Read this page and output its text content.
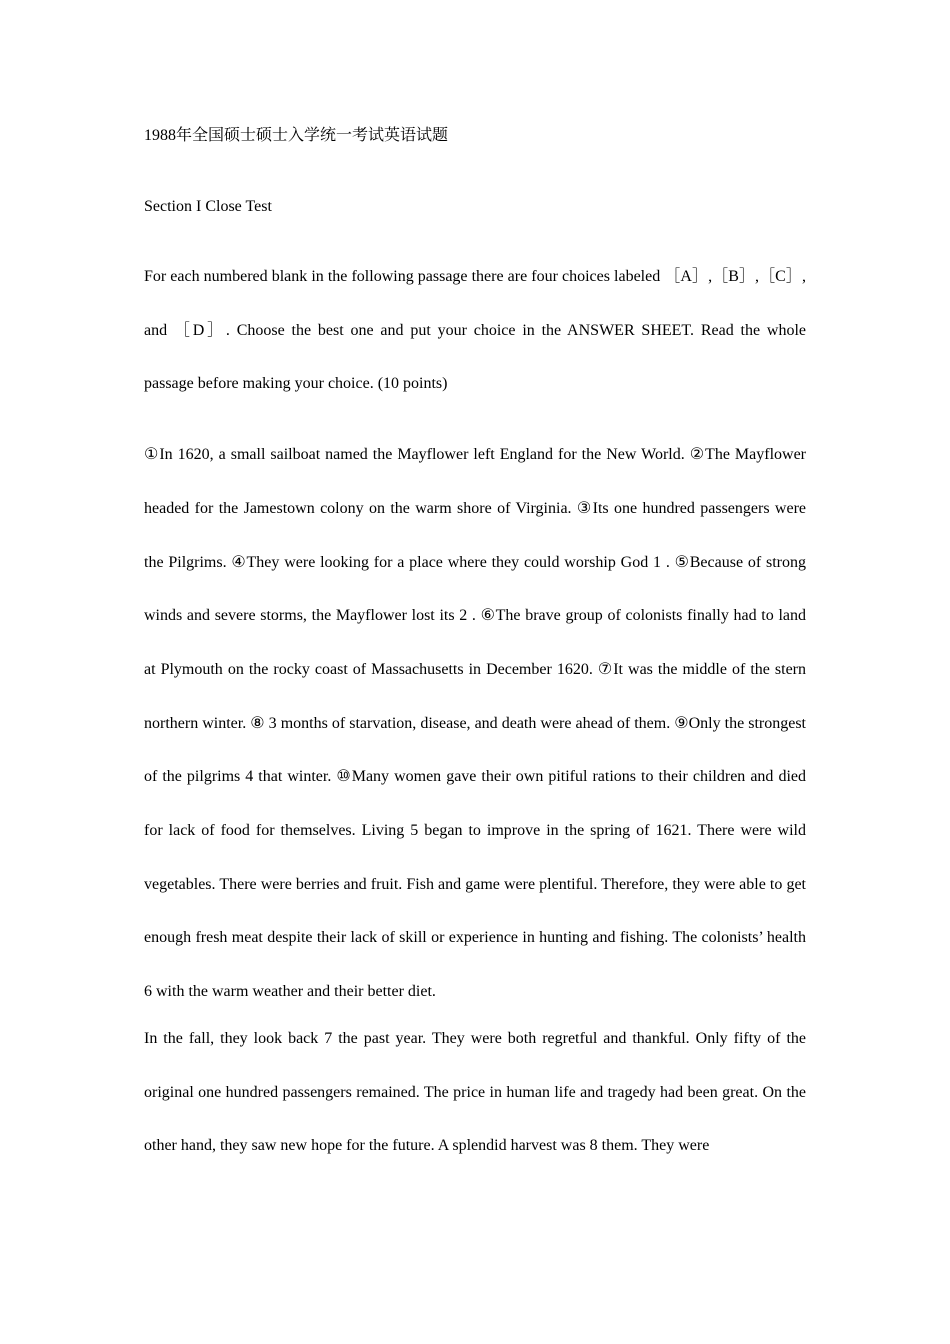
1988年全国硕士硕士入学统一考试英语试题

Section I Close Test

For each numbered blank in the following passage there are four choices labeled ［A］,［B］,［C］, and ［D］. Choose the best one and put your choice in the ANSWER SHEET. Read the whole passage before making your choice. (10 points)

①In 1620, a small sailboat named the Mayflower left England for the New World. ②The Mayflower headed for the Jamestown colony on the warm shore of Virginia. ③Its one hundred passengers were the Pilgrims. ④They were looking for a place where they could worship God 1 . ⑤Because of strong winds and severe storms, the Mayflower lost its 2 . ⑥The brave group of colonists finally had to land at Plymouth on the rocky coast of Massachusetts in December 1620. ⑦It was the middle of the stern northern winter. ⑧ 3 months of starvation, disease, and death were ahead of them. ⑨Only the strongest of the pilgrims 4 that winter. ⑩Many women gave their own pitiful rations to their children and died for lack of food for themselves. Living 5 began to improve in the spring of 1621. There were wild vegetables. There were berries and fruit. Fish and game were plentiful. Therefore, they were able to get enough fresh meat despite their lack of skill or experience in hunting and fishing. The colonists’ health 6 with the warm weather and their better diet.

In the fall, they look back 7 the past year. They were both regretful and thankful. Only fifty of the original one hundred passengers remained. The price in human life and tragedy had been great. On the other hand, they saw new hope for the future. A splendid harvest was 8 them. They were
